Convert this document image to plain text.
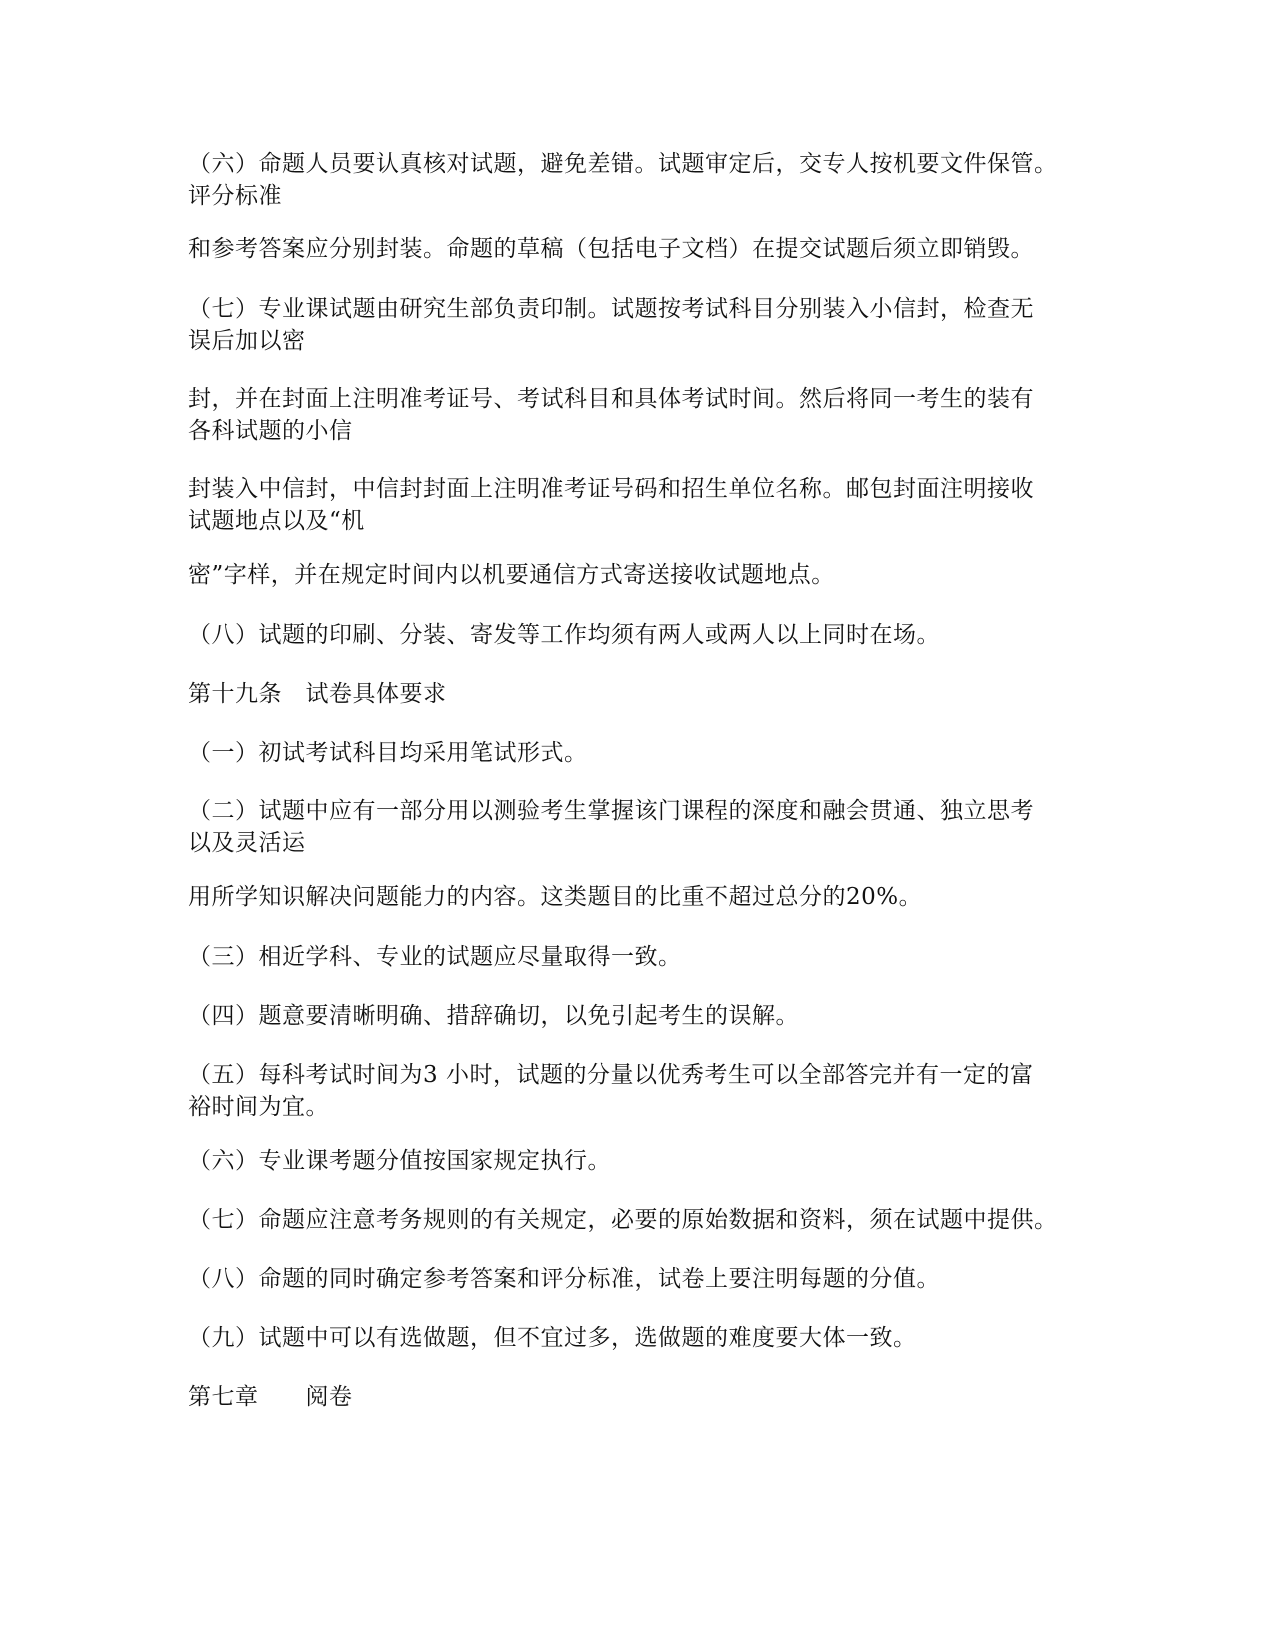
（六）命题人员要认真核对试题，避免差错。试题审定后，交专人按机要文件保管。
评分标准
和参考答案应分别封装。命题的草稿（包括电子文档）在提交试题后须立即销毁。
（七）专业课试题由研究生部负责印制。试题按考试科目分别装入小信封，检查无
误后加以密
封，并在封面上注明准考证号、考试科目和具体考试时间。然后将同一考生的装有
各科试题的小信
封装入中信封，中信封封面上注明准考证号码和招生单位名称。邮包封面注明接收
试题地点以及“机
密”字样，并在规定时间内以机要通信方式寄送接收试题地点。
（八）试题的印刷、分装、寄发等工作均须有两人或两人以上同时在场。
第十九条　试卷具体要求
（一）初试考试科目均采用笔试形式。
（二）试题中应有一部分用以测验考生掌握该门课程的深度和融会贯通、独立思考
以及灵活运
用所学知识解决问题能力的内容。这类题目的比重不超过总分的20%。
（三）相近学科、专业的试题应尽量取得一致。
（四）题意要清晰明确、措辞确切，以免引起考生的误解。
（五）每科考试时间为3 小时，试题的分量以优秀考生可以全部答完并有一定的富
裕时间为宜。
（六）专业课考题分值按国家规定执行。
（七）命题应注意考务规则的有关规定，必要的原始数据和资料，须在试题中提供。
（八）命题的同时确定参考答案和评分标准，试卷上要注明每题的分值。
（九）试题中可以有选做题，但不宜过多，选做题的难度要大体一致。
第七章　　阅卷
